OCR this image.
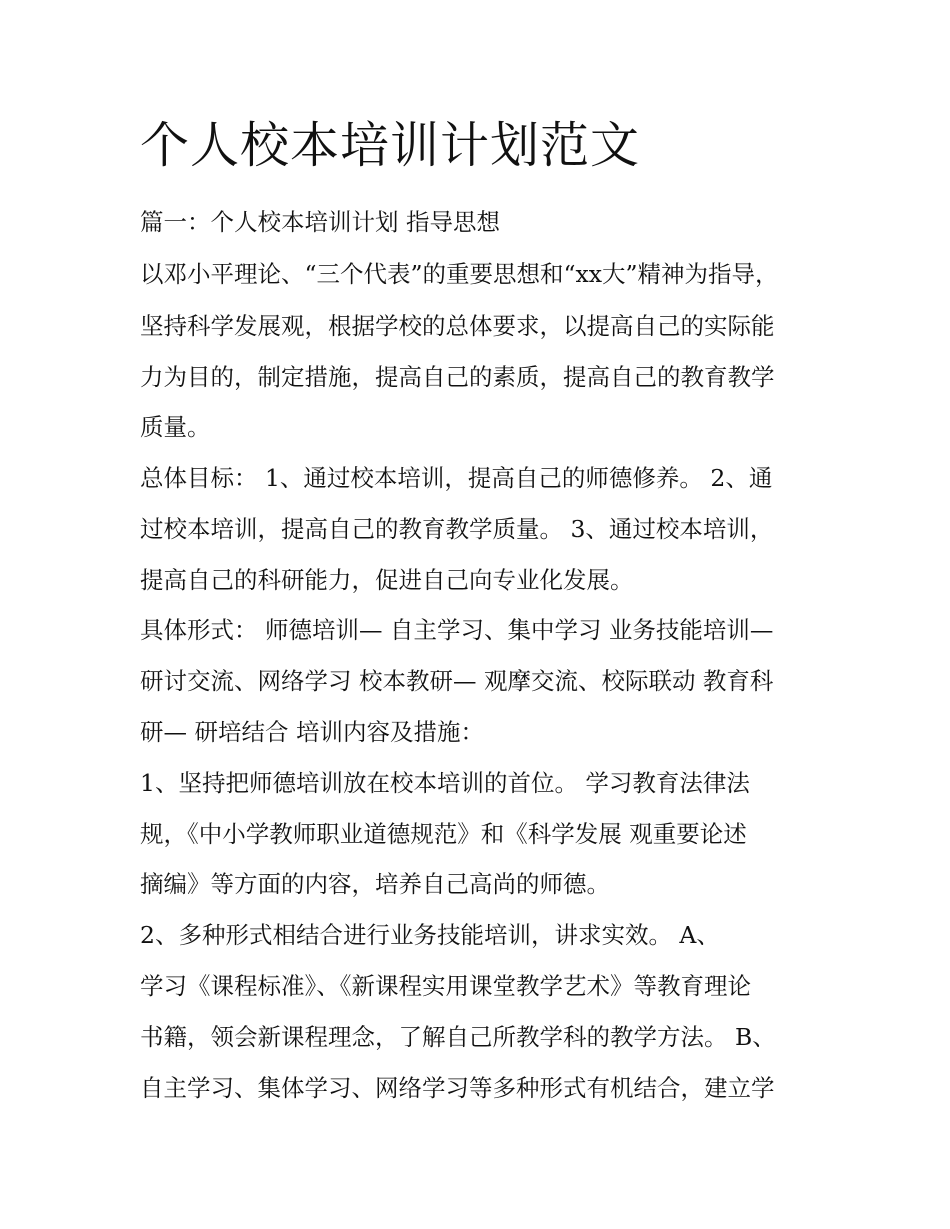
个人校本培训计划范文

篇一：个人校本培训计划 指导思想

以邓小平理论、“三个代表”的重要思想和“xx大”精神为指导，

坚持科学发展观，根据学校的总体要求，以提高自己的实际能

力为目的，制定措施，提高自己的素质，提高自己的教育教学

质量。

总体目标： 1、通过校本培训，提高自己的师德修养。 2、通

过校本培训，提高自己的教育教学质量。 3、通过校本培训，

提高自己的科研能力，促进自己向专业化发展。

具体形式： 师德培训— 自主学习、集中学习 业务技能培训—

研讨交流、网络学习 校本教研— 观摩交流、校际联动 教育科

研— 研培结合 培训内容及措施：

1、坚持把师德培训放在校本培训的首位。 学习教育法律法

规，《中小学教师职业道德规范》和《科学发展 观重要论述

摘编》等方面的内容，培养自己高尚的师德。

2、多种形式相结合进行业务技能培训，讲求实效。 A、

学习《课程标准》、《新课程实用课堂教学艺术》等教育理论

书籍，领会新课程理念，了解自己所教学科的教学方法。 B、

自主学习、集体学习、网络学习等多种形式有机结合，建立学
